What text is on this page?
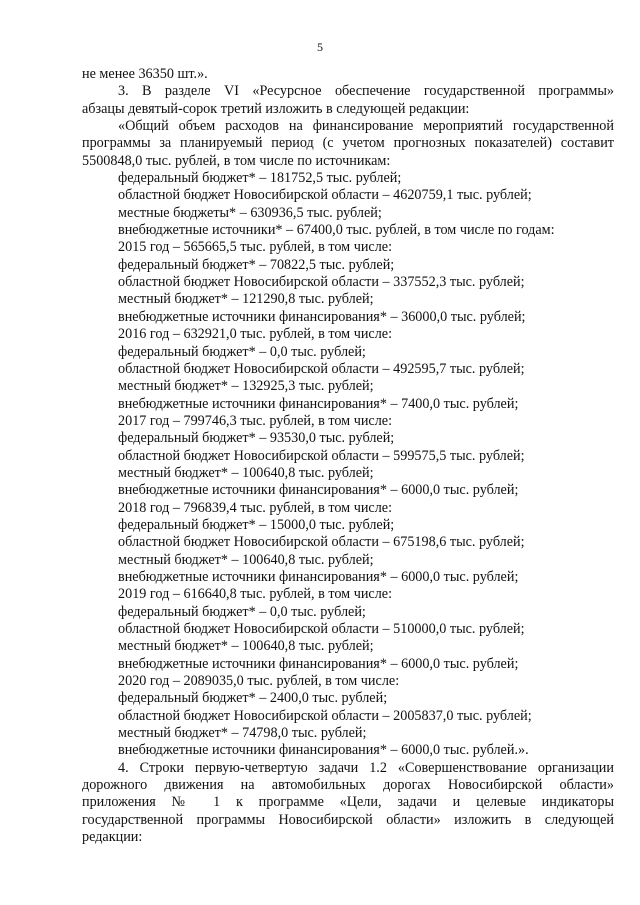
5
не менее 36350 шт.».
3. В разделе VI «Ресурсное обеспечение государственной программы»
абзацы девятый-сорок третий изложить в следующей редакции:
«Общий объем расходов на финансирование мероприятий государственной
программы за планируемый период (с учетом прогнозных показателей) составит
5500848,0 тыс. рублей, в том числе по источникам:
федеральный бюджет* – 181752,5 тыс. рублей;
областной бюджет Новосибирской области – 4620759,1 тыс. рублей;
местные бюджеты* – 630936,5 тыс. рублей;
внебюджетные источники* – 67400,0 тыс. рублей, в том числе по годам:
2015 год – 565665,5 тыс. рублей, в том числе:
федеральный бюджет* – 70822,5 тыс. рублей;
областной бюджет Новосибирской области – 337552,3 тыс. рублей;
местный бюджет* – 121290,8 тыс. рублей;
внебюджетные источники финансирования* – 36000,0 тыс. рублей;
2016 год – 632921,0 тыс. рублей, в том числе:
федеральный бюджет* – 0,0 тыс. рублей;
областной бюджет Новосибирской области – 492595,7 тыс. рублей;
местный бюджет* – 132925,3 тыс. рублей;
внебюджетные источники финансирования* – 7400,0 тыс. рублей;
2017 год – 799746,3 тыс. рублей, в том числе:
федеральный бюджет* – 93530,0 тыс. рублей;
областной бюджет Новосибирской области – 599575,5 тыс. рублей;
местный бюджет* – 100640,8 тыс. рублей;
внебюджетные источники финансирования* – 6000,0 тыс. рублей;
2018 год – 796839,4 тыс. рублей, в том числе:
федеральный бюджет* – 15000,0 тыс. рублей;
областной бюджет Новосибирской области – 675198,6 тыс. рублей;
местный бюджет* – 100640,8 тыс. рублей;
внебюджетные источники финансирования* – 6000,0 тыс. рублей;
2019 год – 616640,8 тыс. рублей, в том числе:
федеральный бюджет* – 0,0 тыс. рублей;
областной бюджет Новосибирской области – 510000,0 тыс. рублей;
местный бюджет* – 100640,8 тыс. рублей;
внебюджетные источники финансирования* – 6000,0 тыс. рублей;
2020 год – 2089035,0 тыс. рублей, в том числе:
федеральный бюджет* – 2400,0 тыс. рублей;
областной бюджет Новосибирской области – 2005837,0 тыс. рублей;
местный бюджет* – 74798,0 тыс. рублей;
внебюджетные источники финансирования* – 6000,0 тыс. рублей.».
4. Строки первую-четвертую задачи 1.2 «Совершенствование организации
дорожного движения на автомобильных дорогах Новосибирской области»
приложения № 1 к программе «Цели, задачи и целевые индикаторы
государственной программы Новосибирской области» изложить в следующей
редакции:
